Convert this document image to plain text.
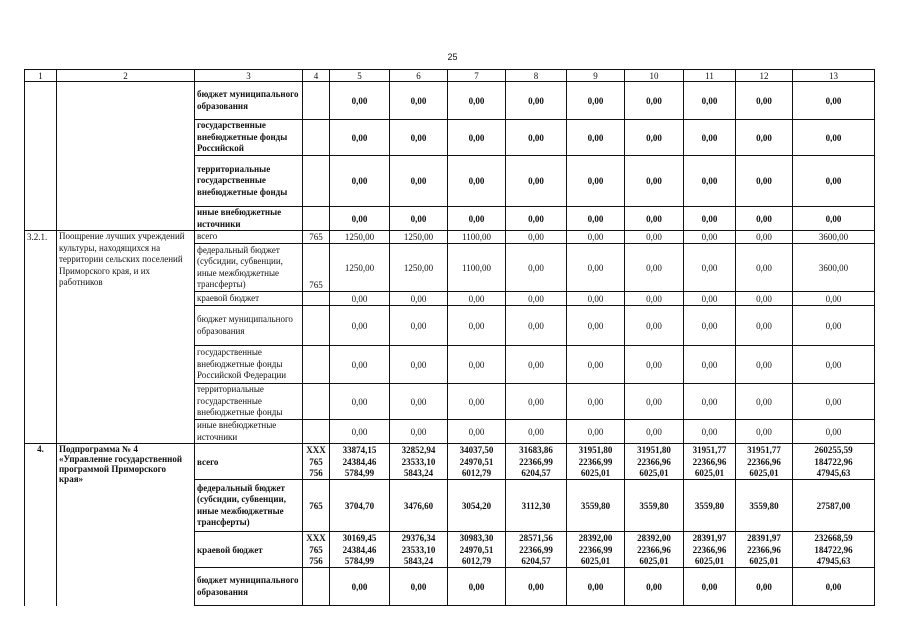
25
1	2	3	4	5	6	7	8	9	10	11	12	13
		бюджет муниципального образования		0,00	0,00	0,00	0,00	0,00	0,00	0,00	0,00	0,00
		государственные внебюджетные фонды Российской		0,00	0,00	0,00	0,00	0,00	0,00	0,00	0,00	0,00
		территориальные государственные внебюджетные фонды		0,00	0,00	0,00	0,00	0,00	0,00	0,00	0,00	0,00
		иные внебюджетные источники		0,00	0,00	0,00	0,00	0,00	0,00	0,00	0,00	0,00
3.2.1.	Поощрение лучших учреждений культуры, находящихся на территории сельских поселений Приморского края, и их работников	всего	765	1250,00	1250,00	1100,00	0,00	0,00	0,00	0,00	0,00	3600,00
		федеральный бюджет (субсидии, субвенции, иные межбюджетные трансферты)	765	1250,00	1250,00	1100,00	0,00	0,00	0,00	0,00	0,00	3600,00
		краевой бюджет		0,00	0,00	0,00	0,00	0,00	0,00	0,00	0,00	0,00
		бюджет муниципального образования		0,00	0,00	0,00	0,00	0,00	0,00	0,00	0,00	0,00
		государственные внебюджетные фонды Российской Федерации		0,00	0,00	0,00	0,00	0,00	0,00	0,00	0,00	0,00
		территориальные государственные внебюджетные фонды		0,00	0,00	0,00	0,00	0,00	0,00	0,00	0,00	0,00
		иные внебюджетные источники		0,00	0,00	0,00	0,00	0,00	0,00	0,00	0,00	0,00
4.	Подпрограмма № 4 «Управление государственной программой Приморского края»	всего	XXX	33874,15	32852,94	34037,50	31683,86	31951,80	31951,80	31951,77	31951,77	260255,59
			765	24384,46	23533,10	24970,51	22366,99	22366,99	22366,96	22366,96	22366,96	184722,96
			756	5784,99	5843,24	6012,79	6204,57	6025,01	6025,01	6025,01	6025,01	47945,63
		федеральный бюджет (субсидии, субвенции, иные межбюджетные трансферты)	765	3704,70	3476,60	3054,20	3112,30	3559,80	3559,80	3559,80	3559,80	27587,00
		краевой бюджет	XXX	30169,45	29376,34	30983,30	28571,56	28392,00	28392,00	28391,97	28391,97	232668,59
			765	24384,46	23533,10	24970,51	22366,99	22366,99	22366,96	22366,96	22366,96	184722,96
			756	5784,99	5843,24	6012,79	6204,57	6025,01	6025,01	6025,01	6025,01	47945,63
		бюджет муниципального образования		0,00	0,00	0,00	0,00	0,00	0,00	0,00	0,00	0,00
